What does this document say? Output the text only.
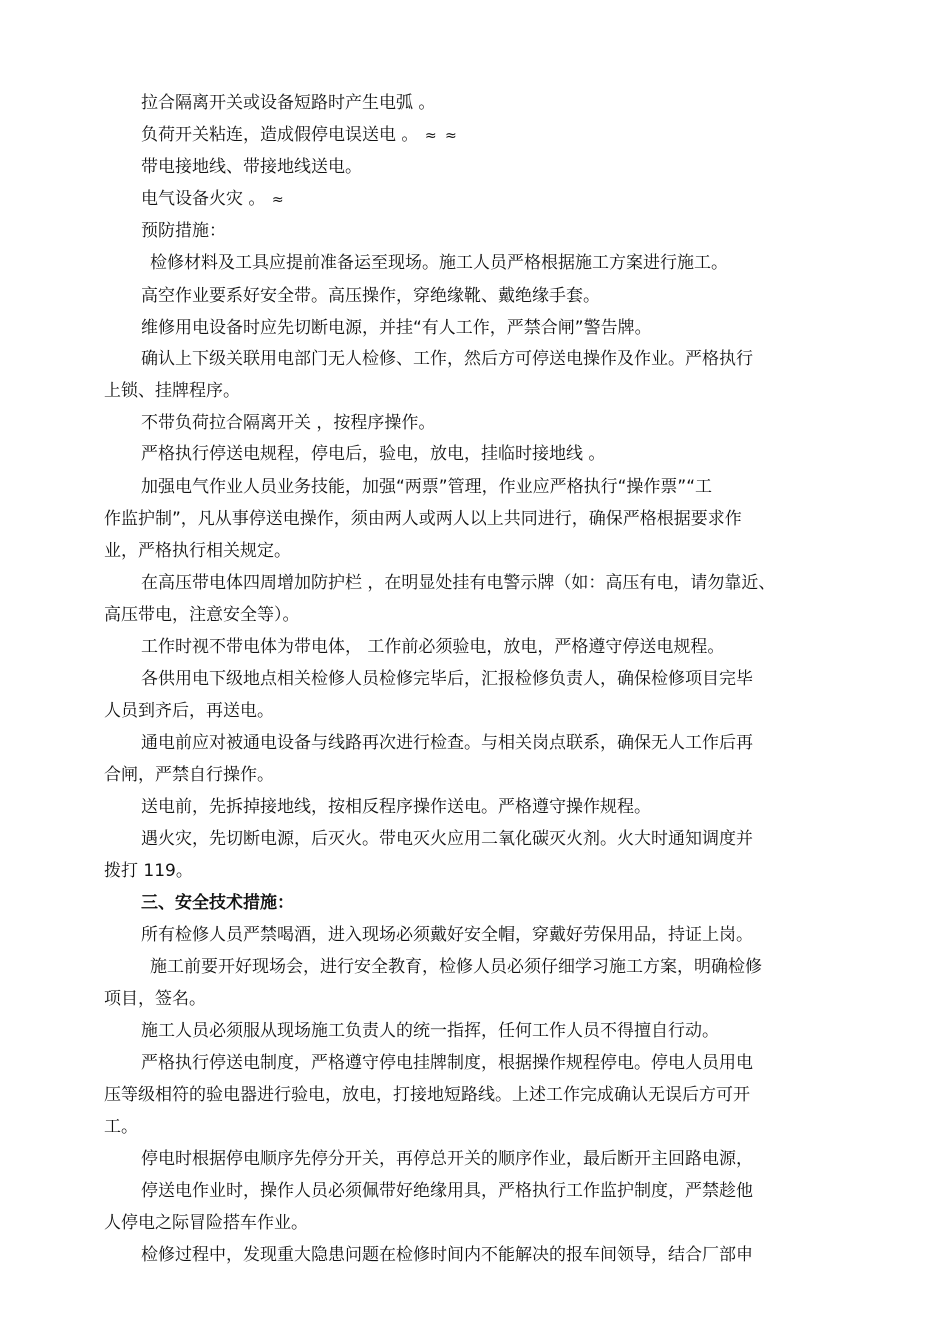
拉合隔离开关或设备短路时产生电弧 。
负荷开关粘连，造成假停电误送电 。 ≈ ≈
带电接地线、带接地线送电。
电气设备火灾 。 ≈
预防措施：
检修材料及工具应提前准备运至现场。施工人员严格根据施工方案进行施工。
高空作业要系好安全带。高压操作，穿绝缘靴、戴绝缘手套。
维修用电设备时应先切断电源，并挂“有人工作，严禁合闸”警告牌。
确认上下级关联用电部门无人检修、工作，然后方可停送电操作及作业。严格执行
上锁、挂牌程序。
不带负荷拉合隔离开关 ，按程序操作。
严格执行停送电规程，停电后，验电，放电，挂临时接地线 。
加强电气作业人员业务技能，加强“两票”管理，作业应严格执行“操作票”“工
作监护制”，凡从事停送电操作，须由两人或两人以上共同进行，确保严格根据要求作
业，严格执行相关规定。
在高压带电体四周增加防护栏 ，在明显处挂有电警示牌（如：高压有电，请勿靠近、
高压带电，注意安全等）。
工作时视不带电体为带电体， 工作前必须验电，放电，严格遵守停送电规程。
各供用电下级地点相关检修人员检修完毕后，汇报检修负责人，确保检修项目完毕
人员到齐后，再送电。
通电前应对被通电设备与线路再次进行检查。与相关岗点联系，确保无人工作后再
合闸，严禁自行操作。
送电前，先拆掉接地线，按相反程序操作送电。严格遵守操作规程。
遇火灾，先切断电源，后灭火。带电灭火应用二氧化碳灭火剂。火大时通知调度并
拨打 119。
三、安全技术措施：
所有检修人员严禁喝酒，进入现场必须戴好安全帽，穿戴好劳保用品，持证上岗。
施工前要开好现场会，进行安全教育，检修人员必须仔细学习施工方案，明确检修
项目，签名。
施工人员必须服从现场施工负责人的统一指挥，任何工作人员不得擅自行动。
严格执行停送电制度，严格遵守停电挂牌制度，根据操作规程停电。停电人员用电
压等级相符的验电器进行验电，放电，打接地短路线。上述工作完成确认无误后方可开
工。
停电时根据停电顺序先停分开关，再停总开关的顺序作业，最后断开主回路电源，
停送电作业时，操作人员必须佩带好绝缘用具，严格执行工作监护制度，严禁趁他
人停电之际冒险搭车作业。
检修过程中，发现重大隐患问题在检修时间内不能解决的报车间领导，结合厂部申
